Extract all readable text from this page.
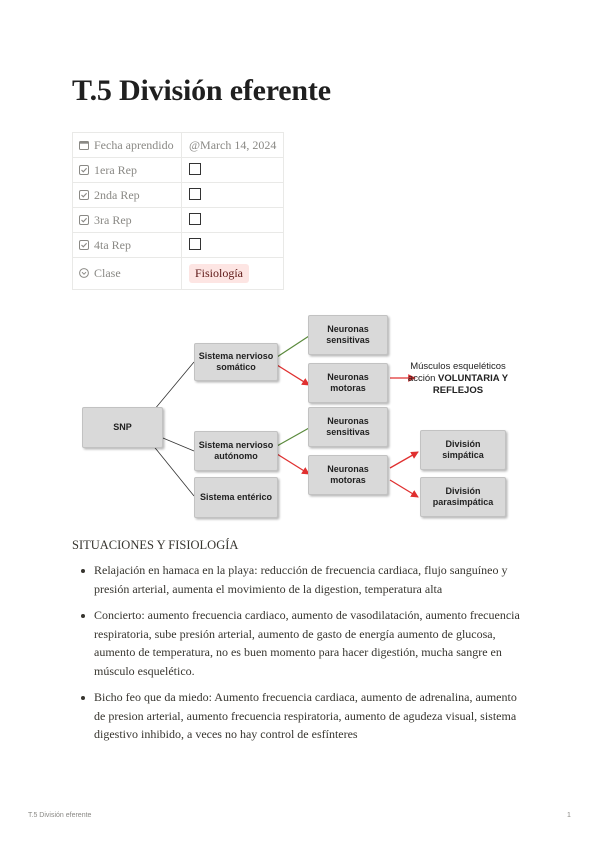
T.5 División eferente
Fecha aprendido	@March 14, 2024
1era Rep	
2nda Rep	
3ra Rep	
4ta Rep	
Clase	Fisiología
SNP
Sistema nervioso
somático
Sistema nervioso
autónomo
Sistema entérico
Neuronas
sensitivas
Neuronas
motoras
Neuronas
sensitivas
Neuronas
motoras
División
simpática
División
parasimpática
Músculos esqueléticos
acción VOLUNTARIA Y
REFLEJOS
SITUACIONES Y FISIOLOGÍA
Relajación en hamaca en la playa: reducción de frecuencia cardiaca, flujo sanguíneo y presión arterial, aumenta el movimiento de la digestion, temperatura alta
Concierto: aumento frecuencia cardiaco, aumento de vasodilatación, aumento frecuencia respiratoria, sube presión arterial, aumento de gasto de energía aumento de glucosa, aumento de temperatura, no es buen momento para hacer digestión, mucha sangre en músculo esquelético.
Bicho feo que da miedo: Aumento frecuencia cardiaca, aumento de adrenalina, aumento de presion arterial, aumento frecuencia respiratoria, aumento de agudeza visual, sistema digestivo inhibido, a veces no hay control de esfínteres
T.5 División eferente	1
